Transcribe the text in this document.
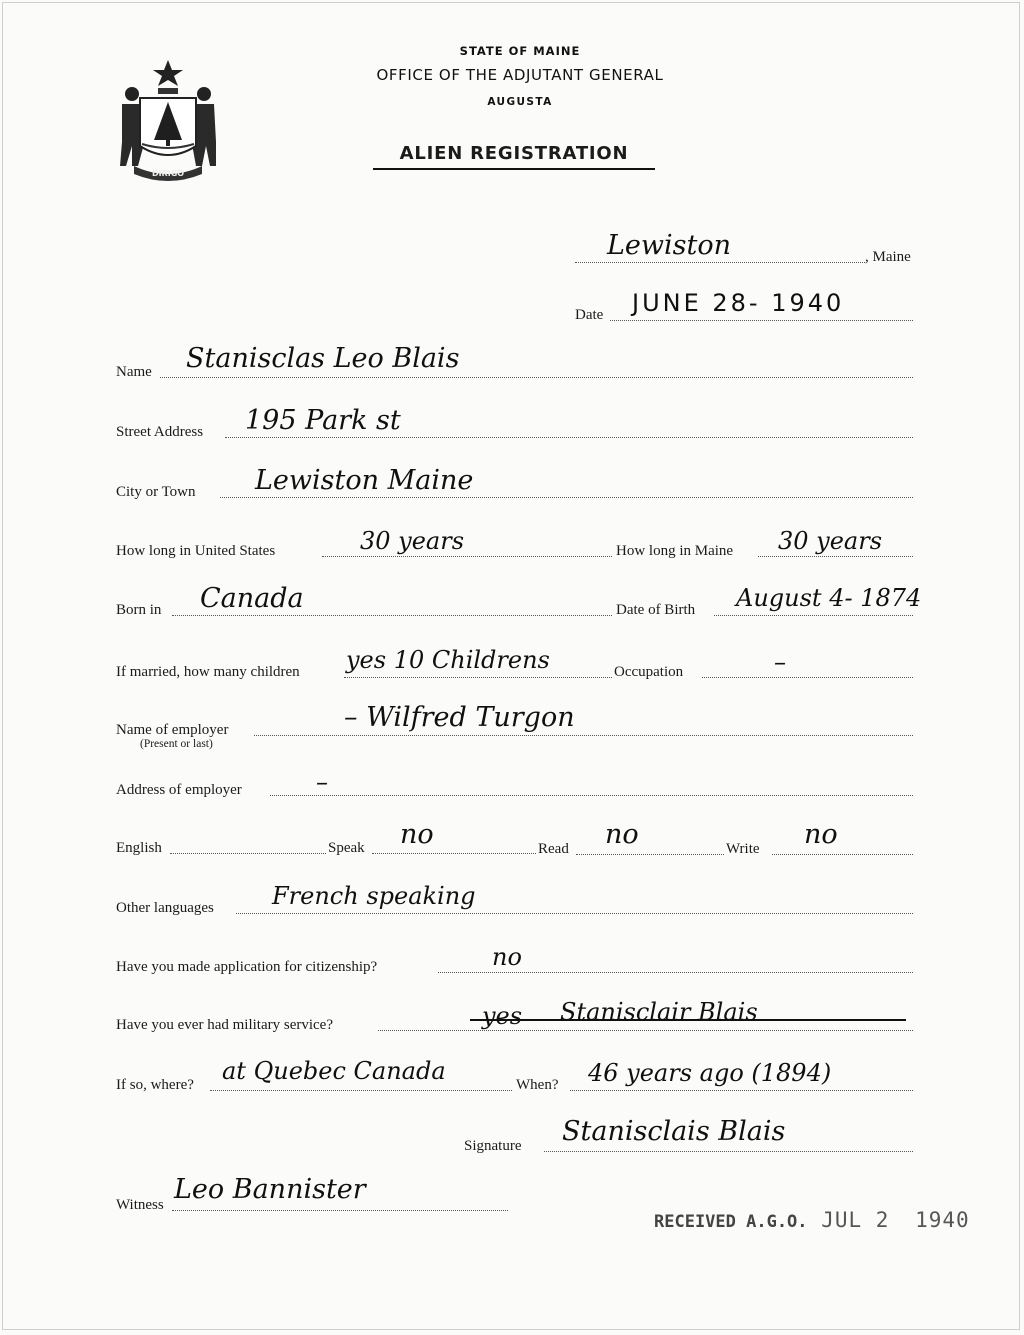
DIRIGO
STATE OF MAINE
OFFICE OF THE ADJUTANT GENERAL
AUGUSTA
ALIEN REGISTRATION
Lewiston	, Maine
Date JUNE 28- 1940
Name Stanisclas Leo Blais
Street Address 195 Park st
City or Town Lewiston Maine
How long in United States	30 years	How long in Maine 30 years
Born in Canada	Date of Birth August 4- 1874
If married, how many children yes 10 Childrens	Occupation	–
Name of employer
(Present or last)
– Wilfred Turgon
Address of employer	–
English	Speak no	Read no	Write no
Other languages French speaking
Have you made application for citizenship?	no
Have you ever had military service?	yes Stanisclair Blais
If so, where? at Quebec Canada	When? 46 years ago (1894)
Signature Stanisclais Blais
Witness Leo Bannister
RECEIVED A.G.O. JUL 2 1940
